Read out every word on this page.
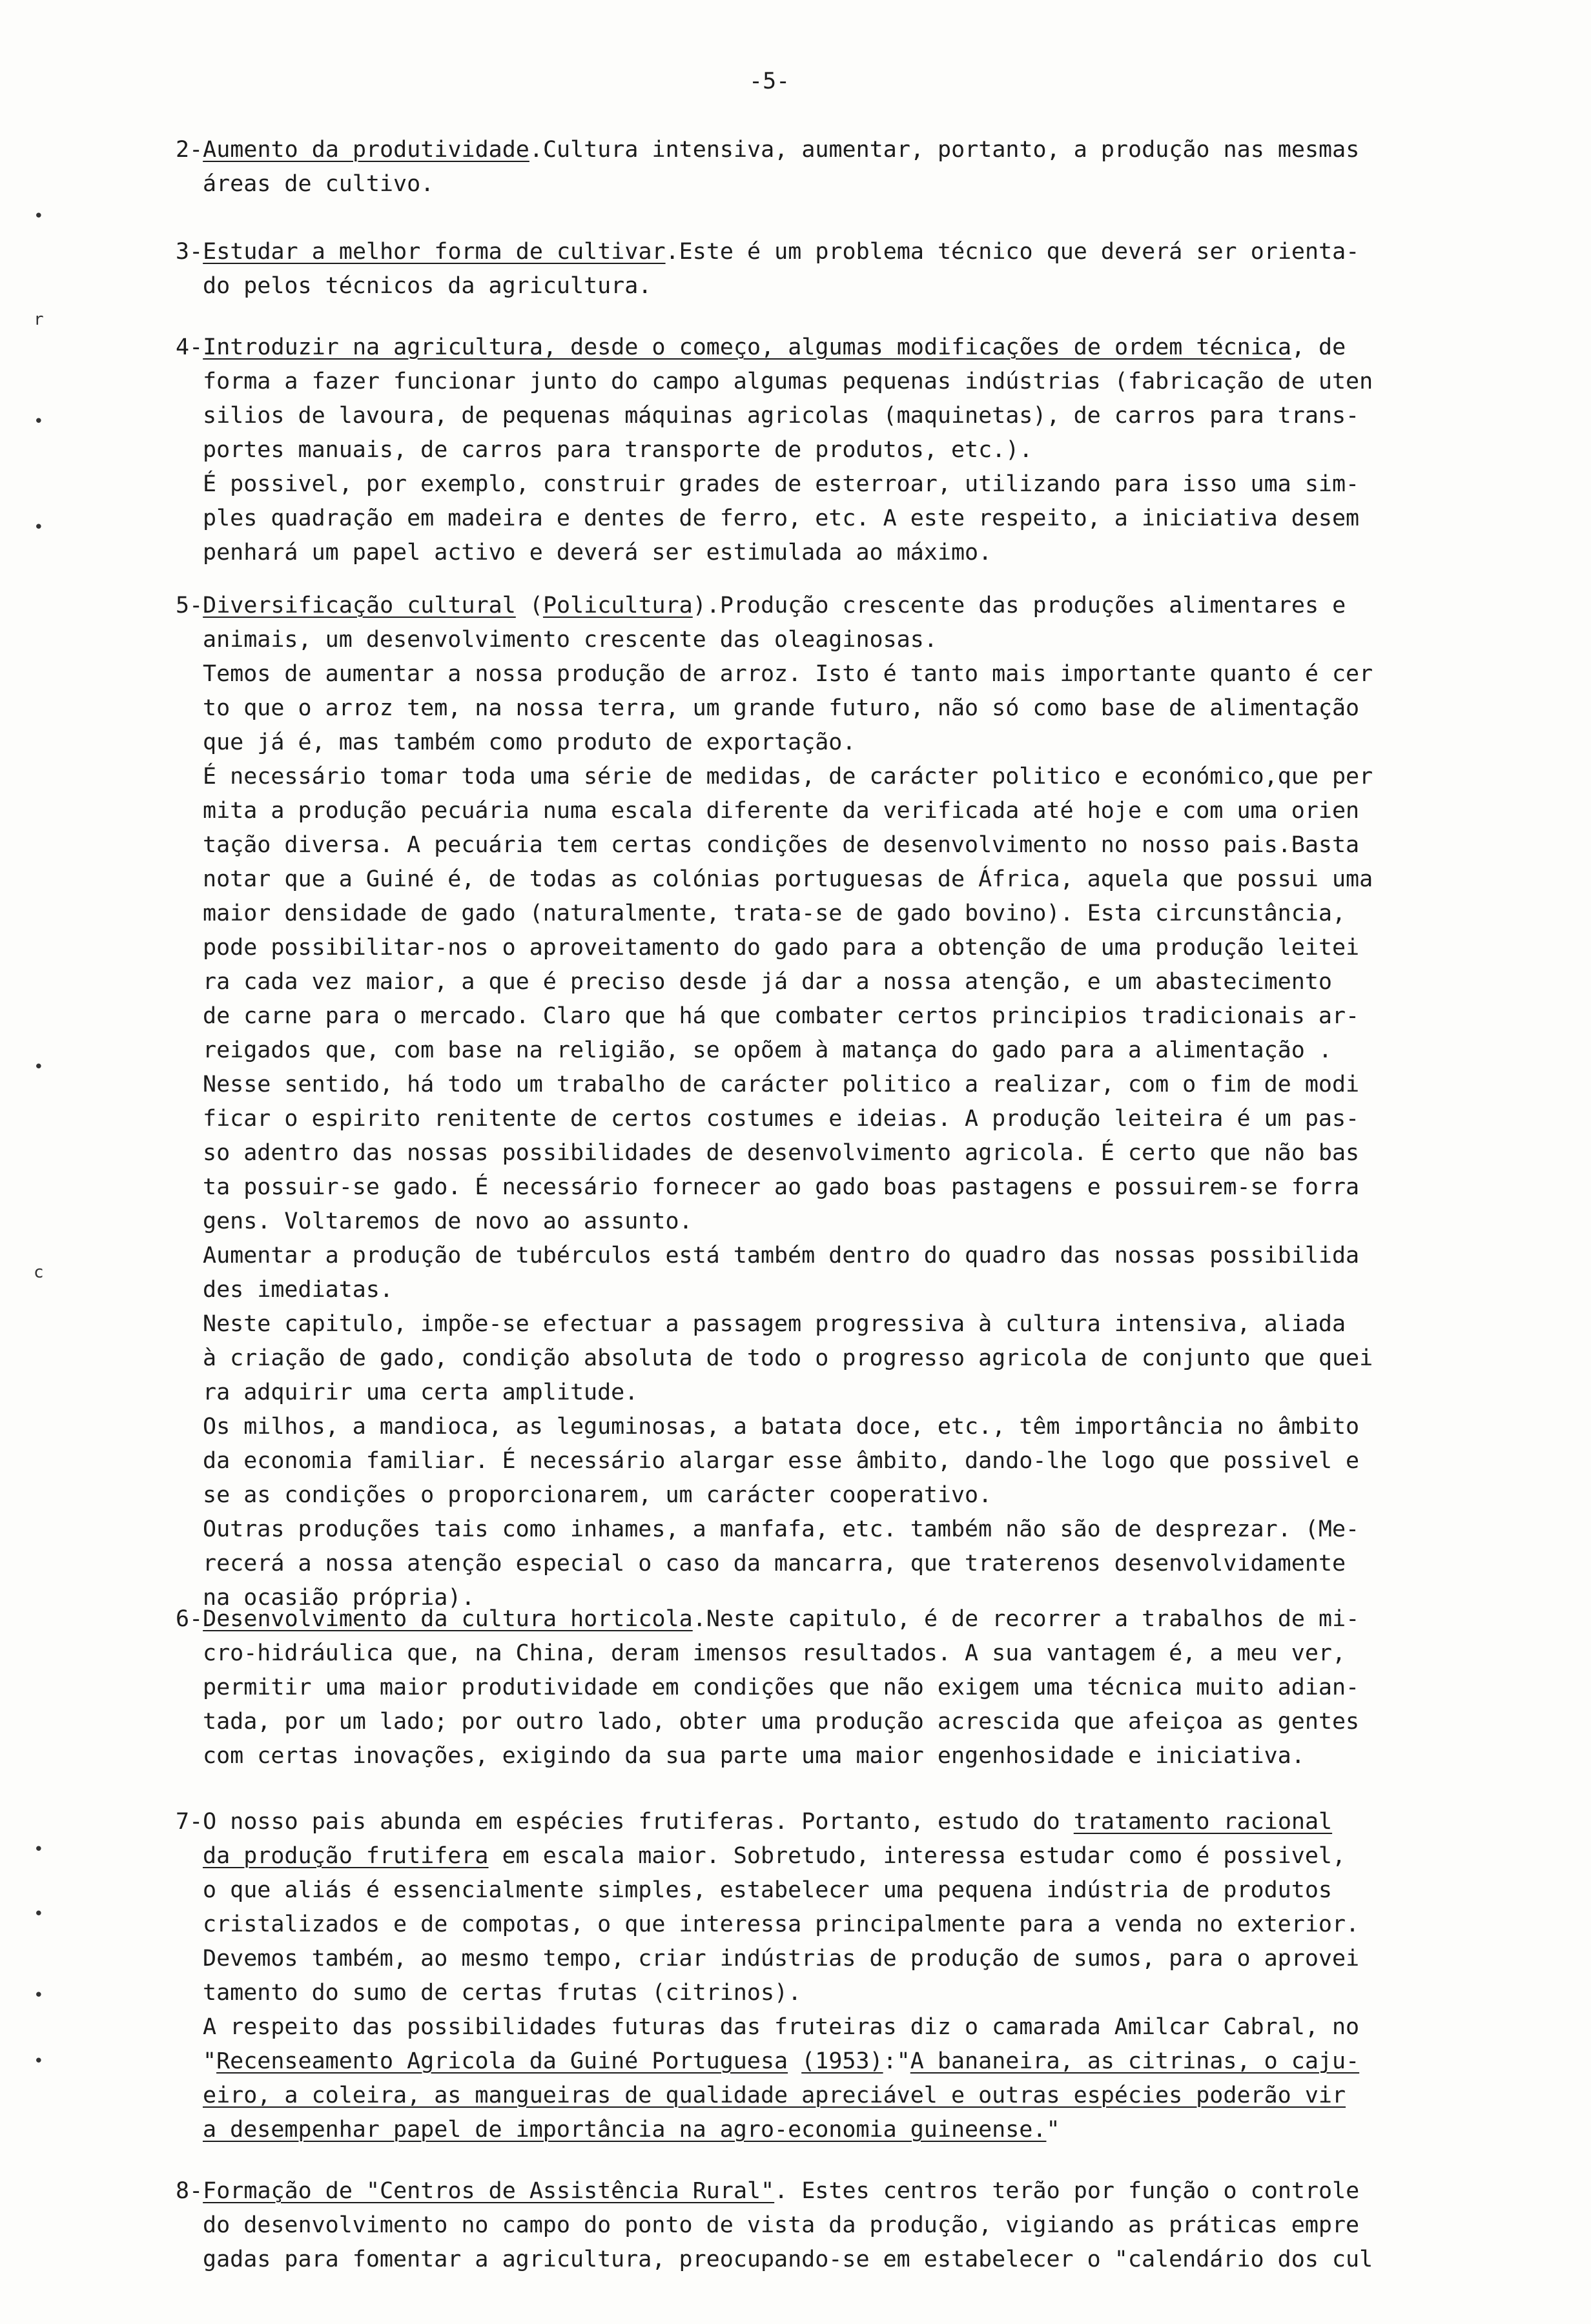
-5-
•
r
•
•
•
c
•
•
•
•
2-Aumento da produtividade.Cultura intensiva, aumentar, portanto, a produção nas mesmas
áreas de cultivo.
3-Estudar a melhor forma de cultivar.Este é um problema técnico que deverá ser orienta-
do pelos técnicos da agricultura.
4-Introduzir na agricultura, desde o começo, algumas modificações de ordem técnica, de
forma a fazer funcionar junto do campo algumas pequenas indústrias (fabricação de uten
silios de lavoura, de pequenas máquinas agricolas (maquinetas), de carros para trans-
portes manuais, de carros para transporte de produtos, etc.).
É possivel, por exemplo, construir grades de esterroar, utilizando para isso uma sim-
ples quadração em madeira e dentes de ferro, etc. A este respeito, a iniciativa desem
penhará um papel activo e deverá ser estimulada ao máximo.
5-Diversificação cultural (Policultura).Produção crescente das produções alimentares e
animais, um desenvolvimento crescente das oleaginosas.
Temos de aumentar a nossa produção de arroz. Isto é tanto mais importante quanto é cer
to que o arroz tem, na nossa terra, um grande futuro, não só como base de alimentação
que já é, mas também como produto de exportação.
É necessário tomar toda uma série de medidas, de carácter politico e económico,que per
mita a produção pecuária numa escala diferente da verificada até hoje e com uma orien
tação diversa. A pecuária tem certas condições de desenvolvimento no nosso pais.Basta
notar que a Guiné é, de todas as colónias portuguesas de África, aquela que possui uma
maior densidade de gado (naturalmente, trata-se de gado bovino). Esta circunstância,
pode possibilitar-nos o aproveitamento do gado para a obtenção de uma produção leitei
ra cada vez maior, a que é preciso desde já dar a nossa atenção, e um abastecimento
de carne para o mercado. Claro que há que combater certos principios tradicionais ar-
reigados que, com base na religião, se opõem à matança do gado para a alimentação .
Nesse sentido, há todo um trabalho de carácter politico a realizar, com o fim de modi
ficar o espirito renitente de certos costumes e ideias. A produção leiteira é um pas-
so adentro das nossas possibilidades de desenvolvimento agricola. É certo que não bas
ta possuir-se gado. É necessário fornecer ao gado boas pastagens e possuirem-se forra
gens. Voltaremos de novo ao assunto.
Aumentar a produção de tubérculos está também dentro do quadro das nossas possibilida
des imediatas.
Neste capitulo, impõe-se efectuar a passagem progressiva à cultura intensiva, aliada
à criação de gado, condição absoluta de todo o progresso agricola de conjunto que quei
ra adquirir uma certa amplitude.
Os milhos, a mandioca, as leguminosas, a batata doce, etc., têm importância no âmbito
da economia familiar. É necessário alargar esse âmbito, dando-lhe logo que possivel e
se as condições o proporcionarem, um carácter cooperativo.
Outras produções tais como inhames, a manfafa, etc. também não são de desprezar. (Me-
recerá a nossa atenção especial o caso da mancarra, que traterenos desenvolvidamente
na ocasião própria).
6-Desenvolvimento da cultura horticola.Neste capitulo, é de recorrer a trabalhos de mi-
cro-hidráulica que, na China, deram imensos resultados. A sua vantagem é, a meu ver,
permitir uma maior produtividade em condições que não exigem uma técnica muito adian-
tada, por um lado; por outro lado, obter uma produção acrescida que afeiçoa as gentes
com certas inovações, exigindo da sua parte uma maior engenhosidade e iniciativa.
7-O nosso pais abunda em espécies frutiferas. Portanto, estudo do tratamento racional
da produção frutifera em escala maior. Sobretudo, interessa estudar como é possivel,
o que aliás é essencialmente simples, estabelecer uma pequena indústria de produtos
cristalizados e de compotas, o que interessa principalmente para a venda no exterior.
Devemos também, ao mesmo tempo, criar indústrias de produção de sumos, para o aprovei
tamento do sumo de certas frutas (citrinos).
A respeito das possibilidades futuras das fruteiras diz o camarada Amilcar Cabral, no
"Recenseamento Agricola da Guiné Portuguesa (1953):"A bananeira, as citrinas, o caju-
eiro, a coleira, as mangueiras de qualidade apreciável e outras espécies poderão vir
a desempenhar papel de importância na agro-economia guineense."
8-Formação de "Centros de Assistência Rural". Estes centros terão por função o controle
do desenvolvimento no campo do ponto de vista da produção, vigiando as práticas empre
gadas para fomentar a agricultura, preocupando-se em estabelecer o "calendário dos cul
